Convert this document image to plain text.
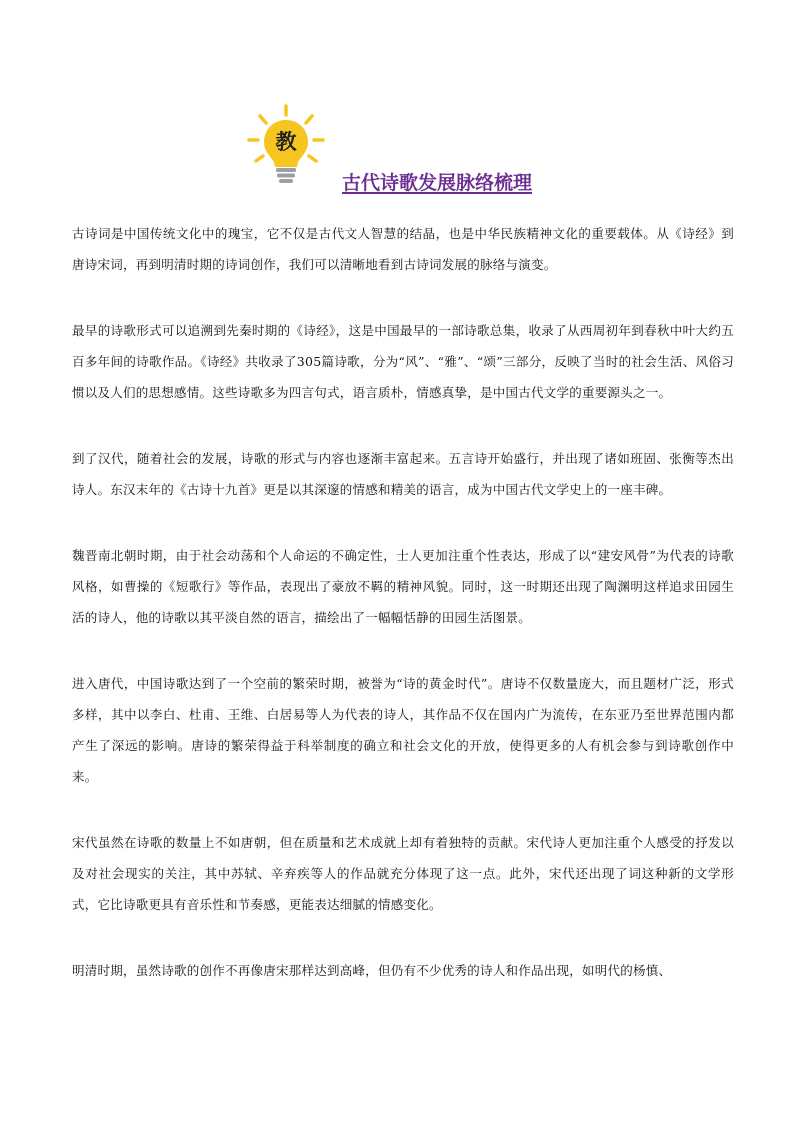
教
古代诗歌发展脉络梳理

古诗词是中国传统文化中的瑰宝，它不仅是古代文人智慧的结晶，也是中华民族精神文化的重要载体。从《诗经》到唐诗宋词，再到明清时期的诗词创作，我们可以清晰地看到古诗词发展的脉络与演变。

最早的诗歌形式可以追溯到先秦时期的《诗经》，这是中国最早的一部诗歌总集，收录了从西周初年到春秋中叶大约五百多年间的诗歌作品。《诗经》共收录了305篇诗歌，分为“风”、“雅”、“颂”三部分，反映了当时的社会生活、风俗习惯以及人们的思想感情。这些诗歌多为四言句式，语言质朴，情感真挚，是中国古代文学的重要源头之一。

到了汉代，随着社会的发展，诗歌的形式与内容也逐渐丰富起来。五言诗开始盛行，并出现了诸如班固、张衡等杰出诗人。东汉末年的《古诗十九首》更是以其深邃的情感和精美的语言，成为中国古代文学史上的一座丰碑。

魏晋南北朝时期，由于社会动荡和个人命运的不确定性，士人更加注重个性表达，形成了以“建安风骨”为代表的诗歌风格，如曹操的《短歌行》等作品，表现出了豪放不羁的精神风貌。同时，这一时期还出现了陶渊明这样追求田园生活的诗人，他的诗歌以其平淡自然的语言，描绘出了一幅幅恬静的田园生活图景。

进入唐代，中国诗歌达到了一个空前的繁荣时期，被誉为“诗的黄金时代”。唐诗不仅数量庞大，而且题材广泛，形式多样，其中以李白、杜甫、王维、白居易等人为代表的诗人，其作品不仅在国内广为流传，在东亚乃至世界范围内都产生了深远的影响。唐诗的繁荣得益于科举制度的确立和社会文化的开放，使得更多的人有机会参与到诗歌创作中来。

宋代虽然在诗歌的数量上不如唐朝，但在质量和艺术成就上却有着独特的贡献。宋代诗人更加注重个人感受的抒发以及对社会现实的关注，其中苏轼、辛弃疾等人的作品就充分体现了这一点。此外，宋代还出现了词这种新的文学形式，它比诗歌更具有音乐性和节奏感，更能表达细腻的情感变化。

明清时期，虽然诗歌的创作不再像唐宋那样达到高峰，但仍有不少优秀的诗人和作品出现，如明代的杨慎、
